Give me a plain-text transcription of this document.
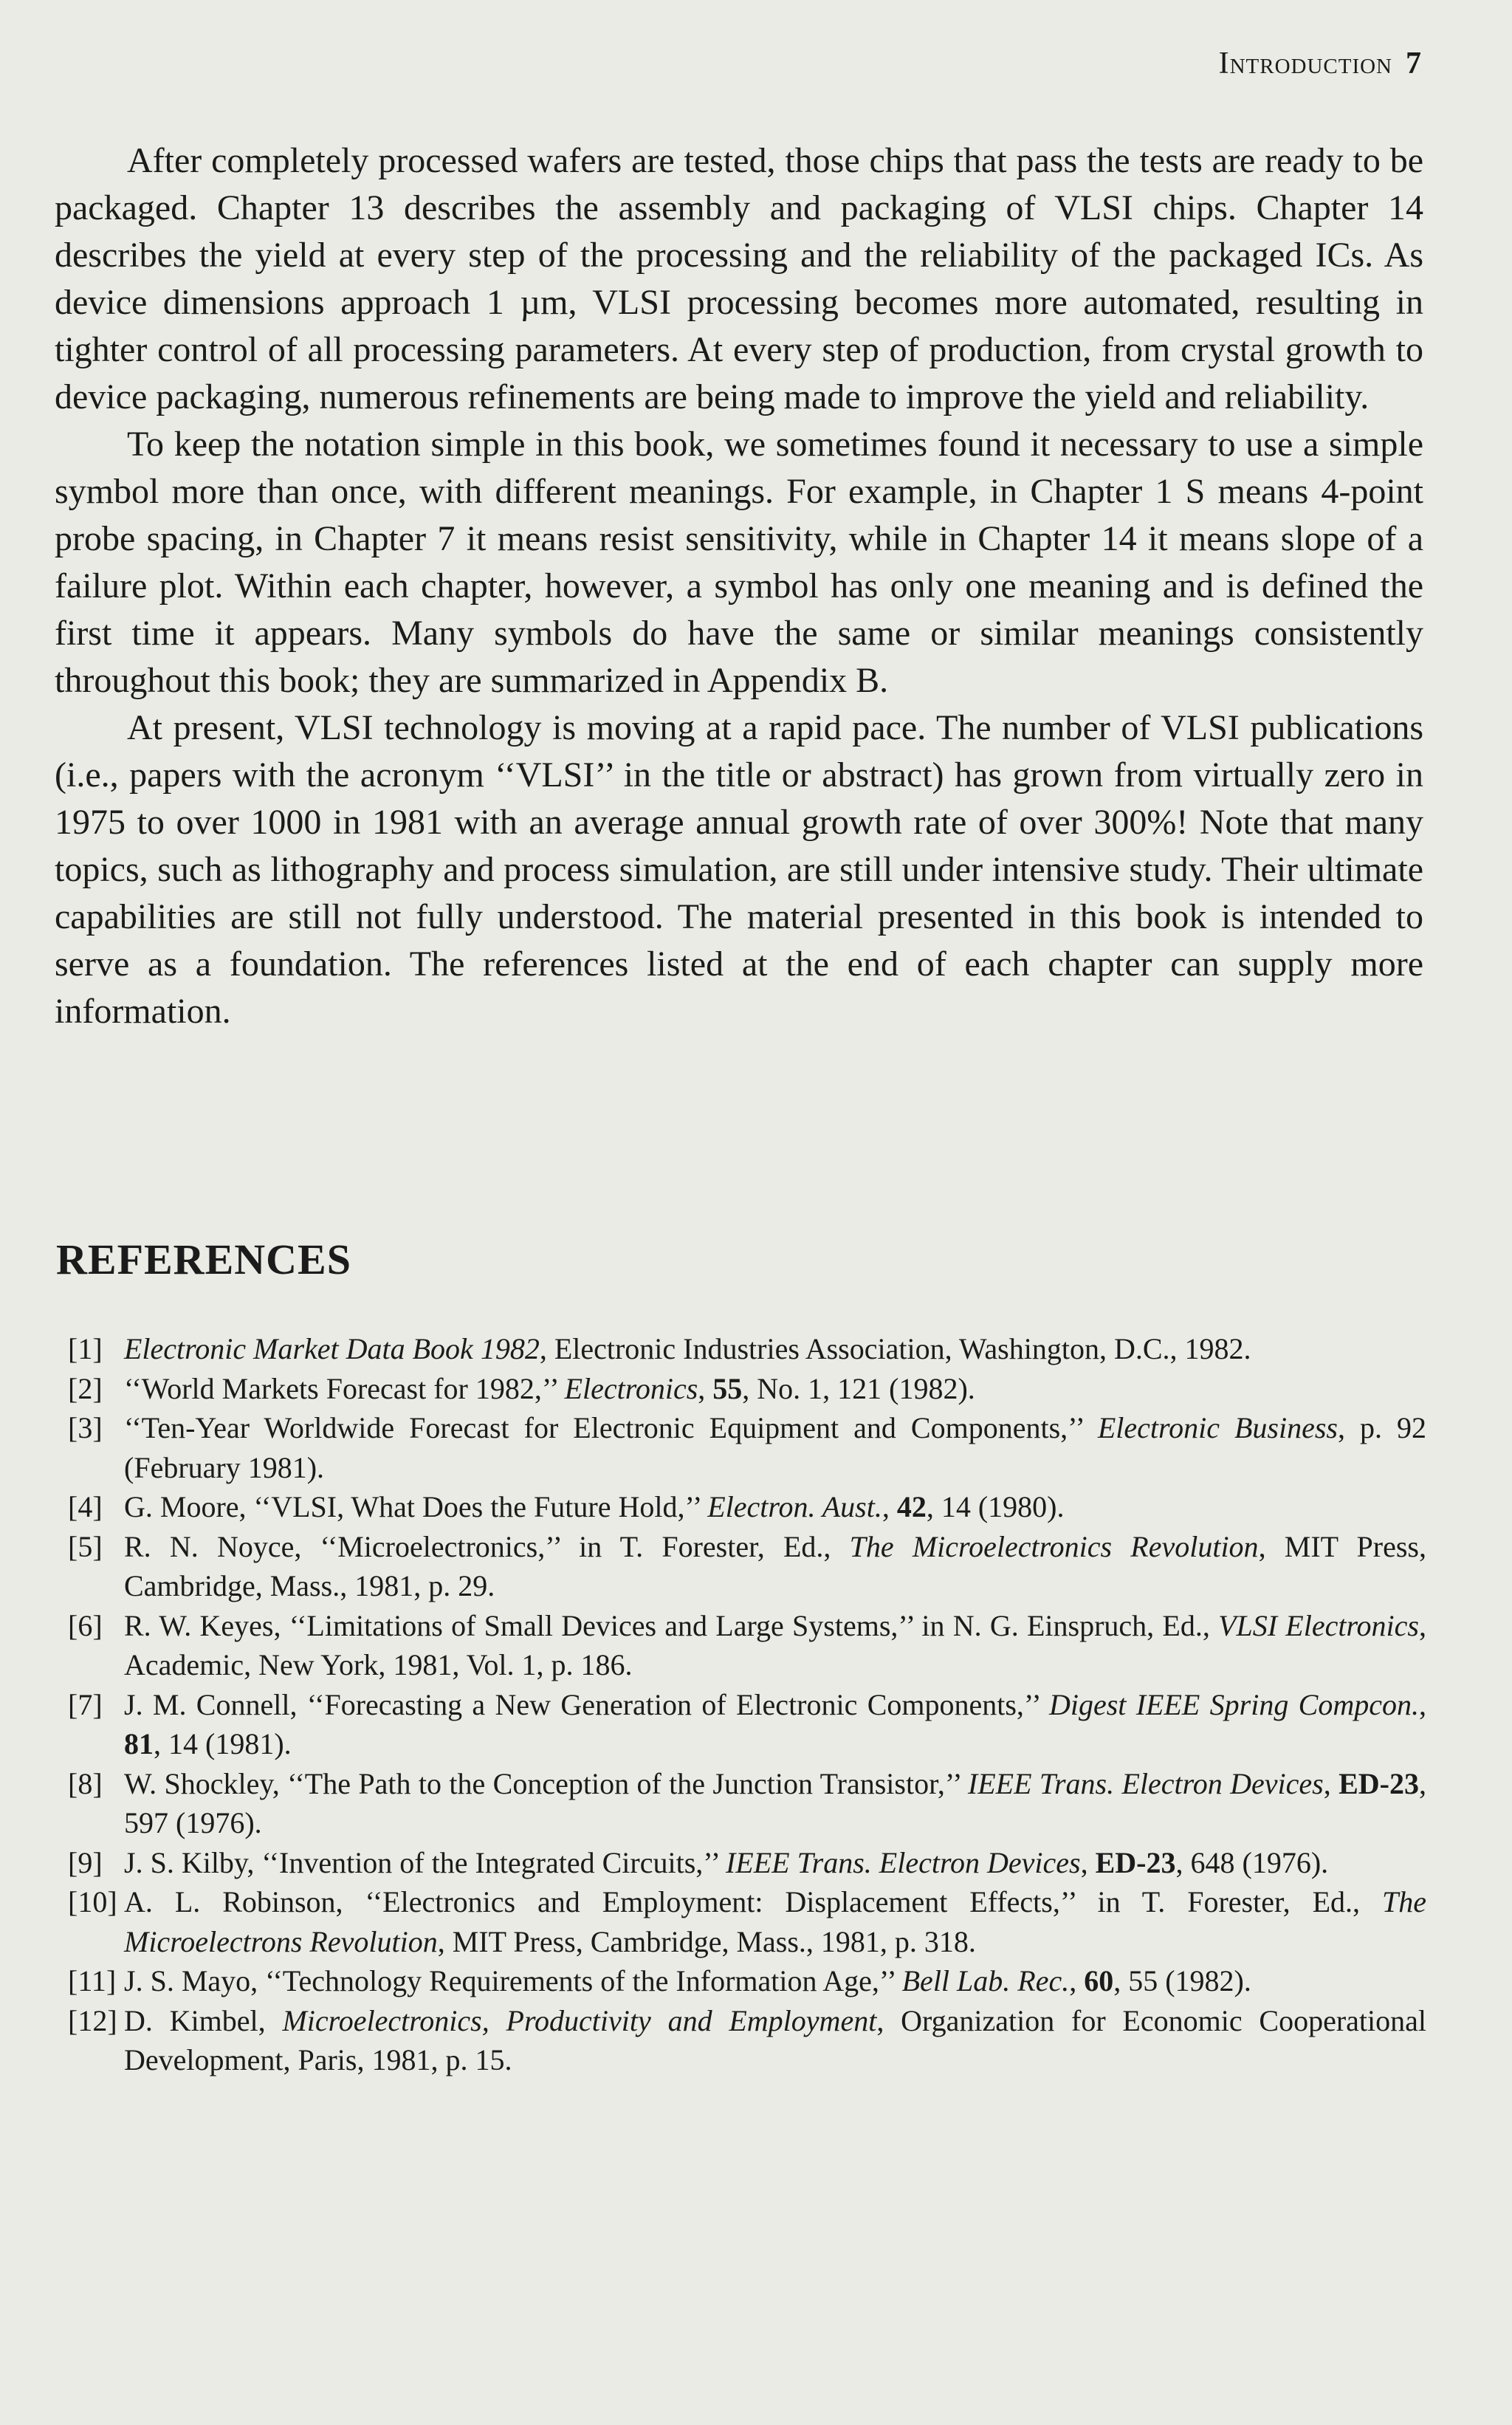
Introduction 7

After completely processed wafers are tested, those chips that pass the tests are ready to be packaged. Chapter 13 describes the assembly and packaging of VLSI chips. Chapter 14 describes the yield at every step of the processing and the reliability of the packaged ICs. As device dimensions approach 1 µm, VLSI processing becomes more automated, resulting in tighter control of all processing parameters. At every step of production, from crystal growth to device packaging, numerous refinements are being made to improve the yield and reliability.

To keep the notation simple in this book, we sometimes found it necessary to use a simple symbol more than once, with different meanings. For example, in Chapter 1 S means 4-point probe spacing, in Chapter 7 it means resist sensitivity, while in Chapter 14 it means slope of a failure plot. Within each chapter, however, a symbol has only one meaning and is defined the first time it appears. Many symbols do have the same or similar meanings consistently throughout this book; they are summarized in Appendix B.

At present, VLSI technology is moving at a rapid pace. The number of VLSI publications (i.e., papers with the acronym ‘‘VLSI’’ in the title or abstract) has grown from virtually zero in 1975 to over 1000 in 1981 with an average annual growth rate of over 300%! Note that many topics, such as lithography and process simulation, are still under intensive study. Their ultimate capabilities are still not fully understood. The material presented in this book is intended to serve as a foundation. The references listed at the end of each chapter can supply more information.

REFERENCES
[1] Electronic Market Data Book 1982, Electronic Industries Association, Washington, D.C., 1982.
[2] ‘‘World Markets Forecast for 1982,’’ Electronics, 55, No. 1, 121 (1982).
[3] ‘‘Ten-Year Worldwide Forecast for Electronic Equipment and Components,’’ Electronic Business, p. 92 (February 1981).
[4] G. Moore, ‘‘VLSI, What Does the Future Hold,’’ Electron. Aust., 42, 14 (1980).
[5] R. N. Noyce, ‘‘Microelectronics,’’ in T. Forester, Ed., The Microelectronics Revolution, MIT Press, Cambridge, Mass., 1981, p. 29.
[6] R. W. Keyes, ‘‘Limitations of Small Devices and Large Systems,’’ in N. G. Einspruch, Ed., VLSI Electronics, Academic, New York, 1981, Vol. 1, p. 186.
[7] J. M. Connell, ‘‘Forecasting a New Generation of Electronic Components,’’ Digest IEEE Spring Compcon., 81, 14 (1981).
[8] W. Shockley, ‘‘The Path to the Conception of the Junction Transistor,’’ IEEE Trans. Electron Devices, ED-23, 597 (1976).
[9] J. S. Kilby, ‘‘Invention of the Integrated Circuits,’’ IEEE Trans. Electron Devices, ED-23, 648 (1976).
[10] A. L. Robinson, ‘‘Electronics and Employment: Displacement Effects,’’ in T. Forester, Ed., The Microelectrons Revolution, MIT Press, Cambridge, Mass., 1981, p. 318.
[11] J. S. Mayo, ‘‘Technology Requirements of the Information Age,’’ Bell Lab. Rec., 60, 55 (1982).
[12] D. Kimbel, Microelectronics, Productivity and Employment, Organization for Economic Cooperational Development, Paris, 1981, p. 15.
